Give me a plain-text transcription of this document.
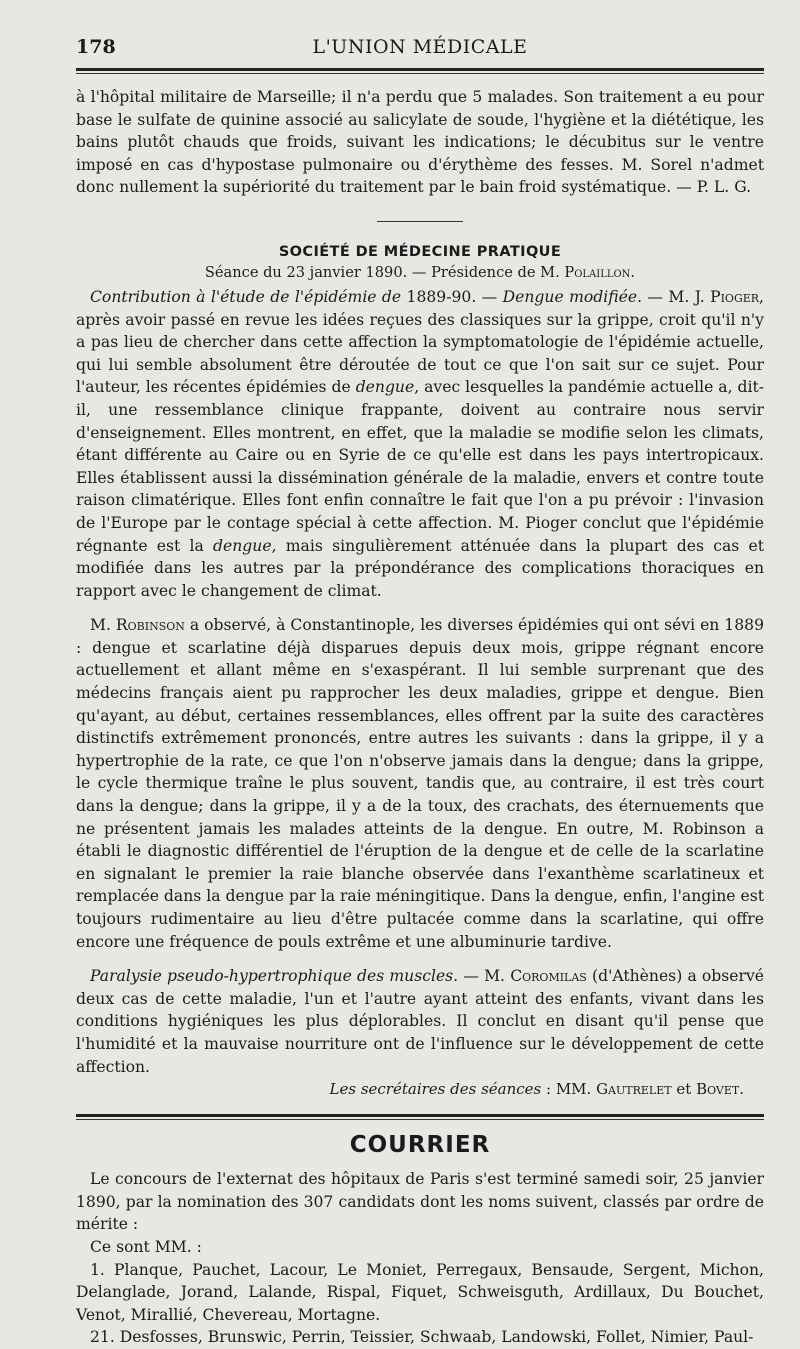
178	L'UNION MÉDICALE

à l'hôpital militaire de Marseille; il n'a perdu que 5 malades. Son traitement a eu pour base le sulfate de quinine associé au salicylate de soude, l'hygiène et la diététique, les bains plutôt chauds que froids, suivant les indications; le décubitus sur le ventre imposé en cas d'hypostase pulmonaire ou d'érythème des fesses. M. Sorel n'admet donc nullement la supériorité du traitement par le bain froid systématique. — P. L. G.

SOCIÉTÉ DE MÉDECINE PRATIQUE
Séance du 23 janvier 1890. — Présidence de M. Polaillon.

Contribution à l'étude de l'épidémie de 1889-90. — Dengue modifiée. — M. J. Pioger, après avoir passé en revue les idées reçues des classiques sur la grippe, croit qu'il n'y a pas lieu de chercher dans cette affection la symptomatologie de l'épidémie actuelle, qui lui semble absolument être déroutée de tout ce que l'on sait sur ce sujet. Pour l'auteur, les récentes épidémies de dengue, avec lesquelles la pandémie actuelle a, dit-il, une ressemblance clinique frappante, doivent au contraire nous servir d'enseignement. Elles montrent, en effet, que la maladie se modifie selon les climats, étant différente au Caire ou en Syrie de ce qu'elle est dans les pays intertropicaux. Elles établissent aussi la dissémination générale de la maladie, envers et contre toute raison climatérique. Elles font enfin connaître le fait que l'on a pu prévoir : l'invasion de l'Europe par le contage spécial à cette affection. M. Pioger conclut que l'épidémie régnante est la dengue, mais singulièrement atténuée dans la plupart des cas et modifiée dans les autres par la prépondérance des complications thoraciques en rapport avec le changement de climat.

M. Robinson a observé, à Constantinople, les diverses épidémies qui ont sévi en 1889 : dengue et scarlatine déjà disparues depuis deux mois, grippe régnant encore actuellement et allant même en s'exaspérant. Il lui semble surprenant que des médecins français aient pu rapprocher les deux maladies, grippe et dengue. Bien qu'ayant, au début, certaines ressemblances, elles offrent par la suite des caractères distinctifs extrêmement prononcés, entre autres les suivants : dans la grippe, il y a hypertrophie de la rate, ce que l'on n'observe jamais dans la dengue; dans la grippe, le cycle thermique traîne le plus souvent, tandis que, au contraire, il est très court dans la dengue; dans la grippe, il y a de la toux, des crachats, des éternuements que ne présentent jamais les malades atteints de la dengue. En outre, M. Robinson a établi le diagnostic différentiel de l'éruption de la dengue et de celle de la scarlatine en signalant le premier la raie blanche observée dans l'exanthème scarlatineux et remplacée dans la dengue par la raie méningitique. Dans la dengue, enfin, l'angine est toujours rudimentaire au lieu d'être pultacée comme dans la scarlatine, qui offre encore une fréquence de pouls extrême et une albuminurie tardive.

Paralysie pseudo-hypertrophique des muscles. — M. Coromilas (d'Athènes) a observé deux cas de cette maladie, l'un et l'autre ayant atteint des enfants, vivant dans les conditions hygiéniques les plus déplorables. Il conclut en disant qu'il pense que l'humidité et la mauvaise nourriture ont de l'influence sur le développement de cette affection.

Les secrétaires des séances : MM. Gautrelet et Bovet.
COURRIER

Le concours de l'externat des hôpitaux de Paris s'est terminé samedi soir, 25 janvier 1890, par la nomination des 307 candidats dont les noms suivent, classés par ordre de mérite :

Ce sont MM. :

1. Planque, Pauchet, Lacour, Le Moniet, Perregaux, Bensaude, Sergent, Michon, Delanglade, Jorand, Lalande, Rispal, Fiquet, Schweisguth, Ardillaux, Du Bouchet, Venot, Mirallié, Chevereau, Mortagne.

21. Desfosses, Brunswic, Perrin, Teissier, Schwaab, Landowski, Follet, Nimier, Paul-
